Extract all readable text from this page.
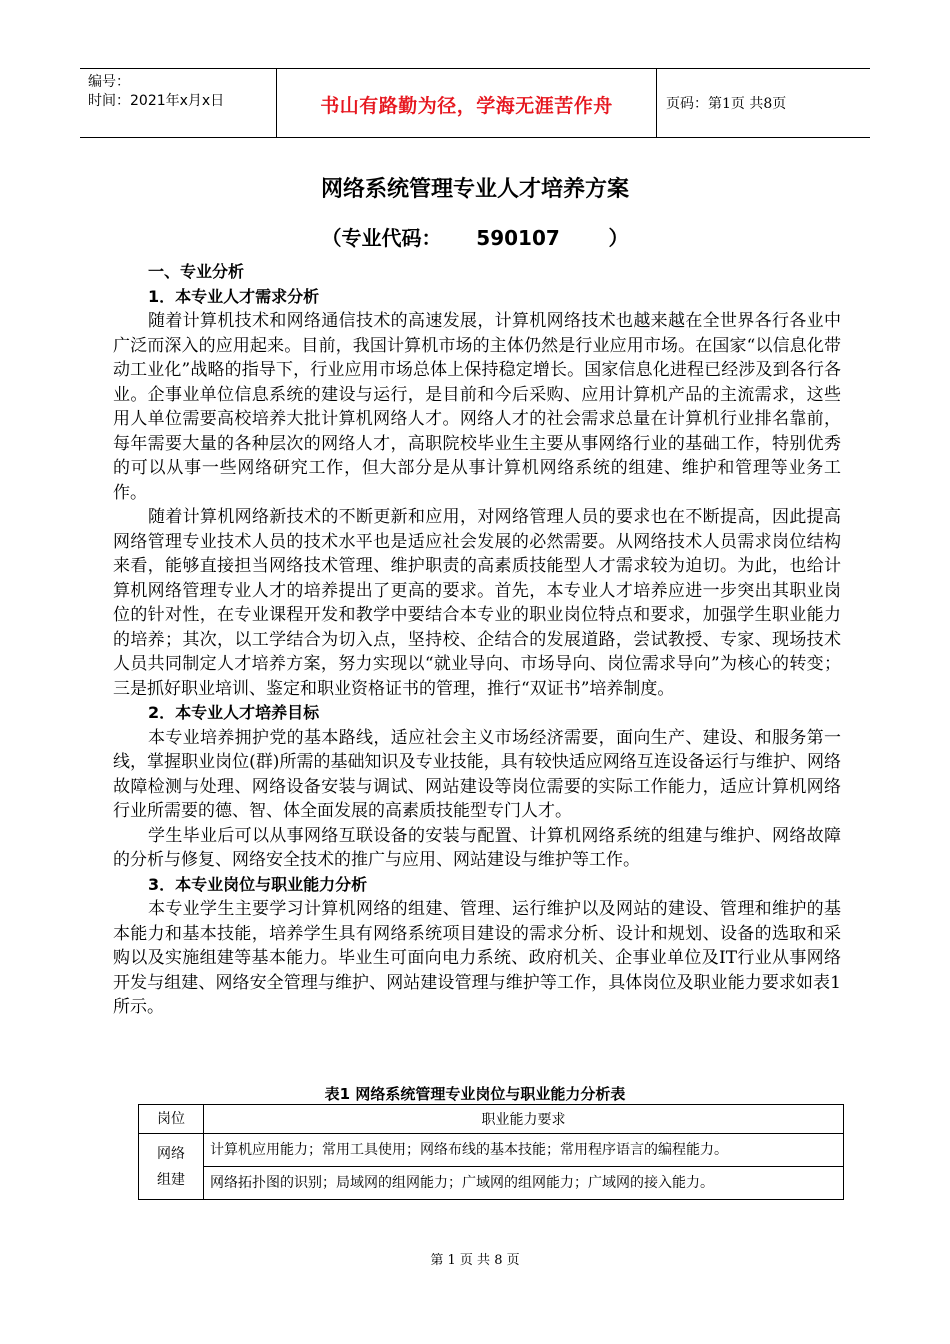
编号：
时间：2021年x月x日	书山有路勤为径，学海无涯苦作舟	页码：第1页 共8页
网络系统管理专业人才培养方案
（专业代码：     590107       ）
一、专业分析
1．本专业人才需求分析
随着计算机技术和网络通信技术的高速发展，计算机网络技术也越来越在全世界各行各业中广泛而深入的应用起来。目前，我国计算机市场的主体仍然是行业应用市场。在国家“以信息化带动工业化”战略的指导下，行业应用市场总体上保持稳定增长。国家信息化进程已经涉及到各行各业。企事业单位信息系统的建设与运行，是目前和今后采购、应用计算机产品的主流需求，这些用人单位需要高校培养大批计算机网络人才。网络人才的社会需求总量在计算机行业排名靠前，每年需要大量的各种层次的网络人才，高职院校毕业生主要从事网络行业的基础工作，特别优秀的可以从事一些网络研究工作，但大部分是从事计算机网络系统的组建、维护和管理等业务工作。
随着计算机网络新技术的不断更新和应用，对网络管理人员的要求也在不断提高，因此提高网络管理专业技术人员的技术水平也是适应社会发展的必然需要。从网络技术人员需求岗位结构来看，能够直接担当网络技术管理、维护职责的高素质技能型人才需求较为迫切。为此，也给计算机网络管理专业人才的培养提出了更高的要求。首先，本专业人才培养应进一步突出其职业岗位的针对性，在专业课程开发和教学中要结合本专业的职业岗位特点和要求，加强学生职业能力的培养；其次，以工学结合为切入点，坚持校、企结合的发展道路，尝试教授、专家、现场技术人员共同制定人才培养方案，努力实现以“就业导向、市场导向、岗位需求导向”为核心的转变；三是抓好职业培训、鉴定和职业资格证书的管理，推行“双证书”培养制度。
2．本专业人才培养目标
本专业培养拥护党的基本路线，适应社会主义市场经济需要，面向生产、建设、和服务第一线，掌握职业岗位(群)所需的基础知识及专业技能，具有较快适应网络互连设备运行与维护、网络故障检测与处理、网络设备安装与调试、网站建设等岗位需要的实际工作能力，适应计算机网络行业所需要的德、智、体全面发展的高素质技能型专门人才。
学生毕业后可以从事网络互联设备的安装与配置、计算机网络系统的组建与维护、网络故障的分析与修复、网络安全技术的推广与应用、网站建设与维护等工作。
3．本专业岗位与职业能力分析
本专业学生主要学习计算机网络的组建、管理、运行维护以及网站的建设、管理和维护的基本能力和基本技能，培养学生具有网络系统项目建设的需求分析、设计和规划、设备的选取和采购以及实施组建等基本能力。毕业生可面向电力系统、政府机关、企事业单位及IT行业从事网络开发与组建、网络安全管理与维护、网站建设管理与维护等工作，具体岗位及职业能力要求如表1所示。
表1 网络系统管理专业岗位与职业能力分析表
岗位	职业能力要求
网络组建	计算机应用能力；常用工具使用；网络布线的基本技能；常用程序语言的编程能力。
	网络拓扑图的识别；局域网的组网能力；广域网的组网能力；广域网的接入能力。
第 1 页 共 8 页
